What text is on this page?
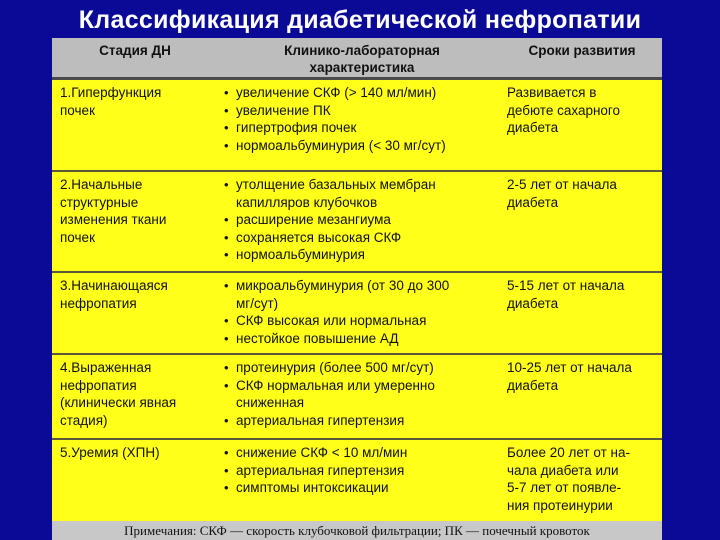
Классификация диабетической нефропатии
Стадия ДН	Клинико-лабораторная
характеристика
Сроки развития
1.Гиперфункция
почек
• увеличение СКФ (> 140 мл/мин)
• увеличение ПК
• гипертрофия почек
• нормоальбуминурия (< 30 мг/сут)
Развивается в
дебюте сахарного
диабета
2.Начальные
структурные
изменения ткани
почек
• утолщение базальных мембран
капилляров клубочков
• расширение мезангиума
• сохраняется высокая СКФ
• нормоальбуминурия
2-5 лет от начала
диабета
3.Начинающаяся
нефропатия
• микроальбуминурия (от 30 до 300
мг/сут)
• СКФ высокая или нормальная
• нестойкое повышение АД
5-15 лет от начала
диабета
4.Выраженная
нефропатия
(клинически явная
стадия)
• протеинурия (более 500 мг/сут)
• СКФ нормальная или умеренно
сниженная
• артериальная гипертензия
10-25 лет от начала
диабета
5.Уремия (ХПН)
•	снижение СКФ < 10 мл/мин
• артериальная гипертензия
• симптомы интоксикации
Более 20 лет от на-
чала диабета или
5-7 лет от появле-
ния протеинурии
Примечания: СКФ — скорость клубочковой фильтрации; ПК — почечный кровоток
